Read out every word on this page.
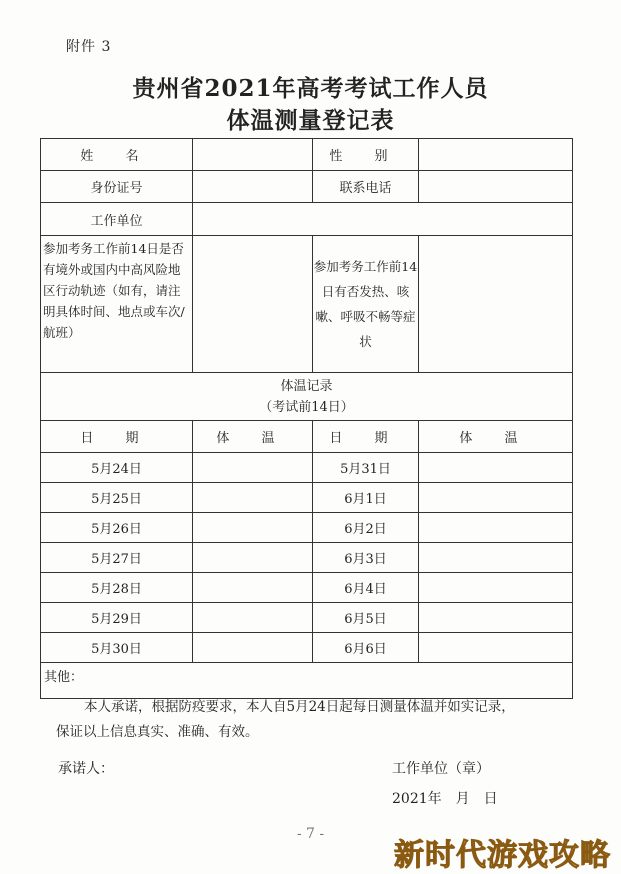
附件 3
贵州省2021年高考考试工作人员
体温测量登记表
姓 名		性 别	
身份证号		联系电话	
工作单位			
参加考务工作前14日是否有境外或国内中高风险地区行动轨迹（如有，请注明具体时间、地点或车次/航班）		参加考务工作前14日有否发热、咳嗽、呼吸不畅等症状	

体温记录
（考试前14日）			

日 期	体 温	日 期	体 温
5月24日		5月31日	
5月25日		6月1日	
5月26日		6月2日	
5月27日		6月3日	
5月28日		6月4日	
5月29日		6月5日	
5月30日		6月6日	
其他：			
本人承诺，根据防疫要求，本人自5月24日起每日测量体温并如实记录，
保证以上信息真实、准确、有效。
承诺人：	工作单位（章）
2021年　月　日
- 7 -
新时代游戏攻略
